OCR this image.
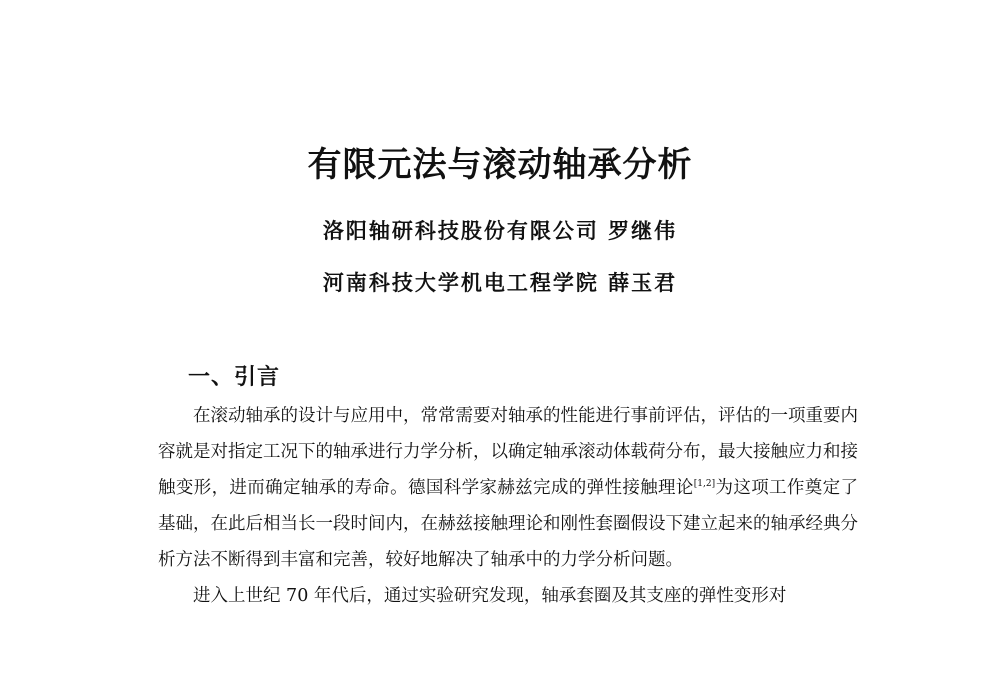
有限元法与滚动轴承分析
洛阳轴研科技股份有限公司 罗继伟
河南科技大学机电工程学院 薛玉君
一、引言

在滚动轴承的设计与应用中，常常需要对轴承的性能进行事前评估，评估的一项重要内容就是对指定工况下的轴承进行力学分析，以确定轴承滚动体载荷分布，最大接触应力和接触变形，进而确定轴承的寿命。德国科学家赫兹完成的弹性接触理论[1,2]为这项工作奠定了基础，在此后相当长一段时间内，在赫兹接触理论和刚性套圈假设下建立起来的轴承经典分析方法不断得到丰富和完善，较好地解决了轴承中的力学分析问题。

进入上世纪 70 年代后，通过实验研究发现，轴承套圈及其支座的弹性变形对
